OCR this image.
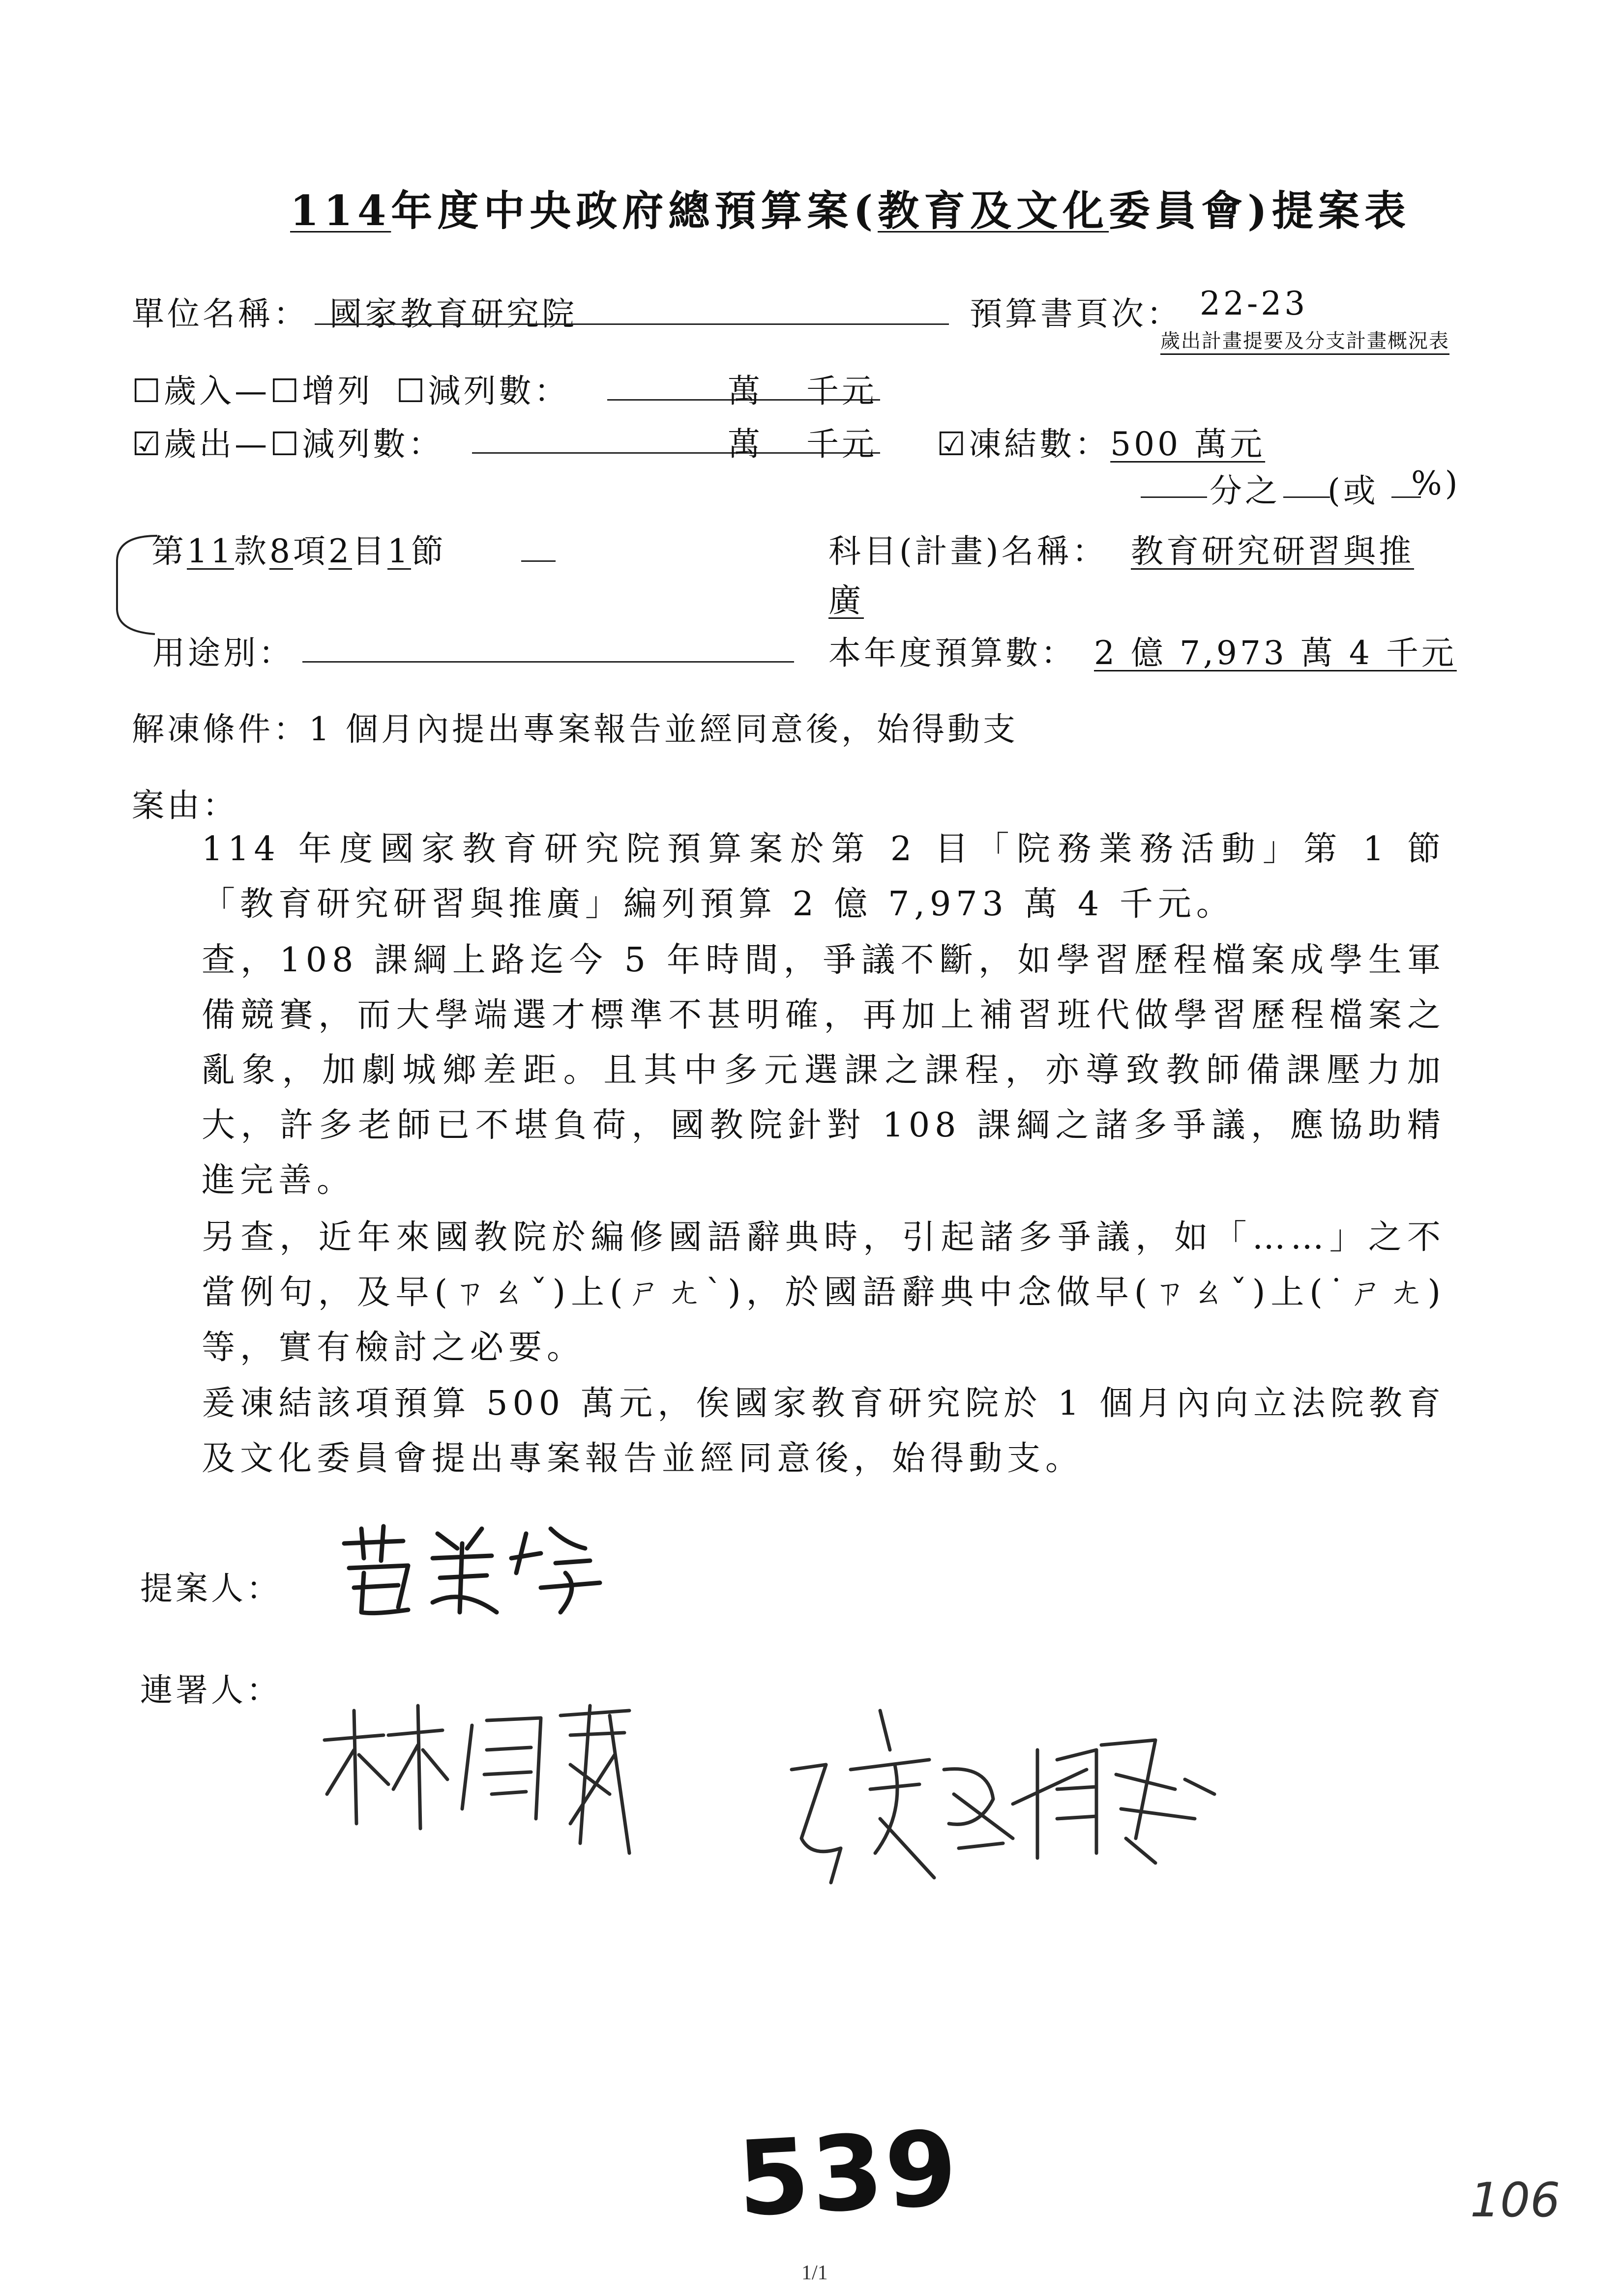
114年度中央政府總預算案(教育及文化委員會)提案表
單位名稱： 國家教育研究院	預算書頁次： 22-23
歲出計畫提要及分支計畫概況表
☐歲入—☐增列 ☐減列數：	萬 千元
☑歲出—☐減列數：	萬 千元 ☑凍結數：500 萬元
分之 (或 %)
第11款8項2目1節	科目(計畫)名稱： 教育研究研習與推
廣
用途別：	本年度預算數： 2 億 7,973 萬 4 千元
解凍條件：1 個月內提出專案報告並經同意後，始得動支
案由：
114 年度國家教育研究院預算案於第 2 目「院務業務活動」第 1 節「教育研究研習與推廣」編列預算 2 億 7,973 萬 4 千元。
查，108 課綱上路迄今 5 年時間，爭議不斷，如學習歷程檔案成學生軍備競賽，而大學端選才標準不甚明確，再加上補習班代做學習歷程檔案之亂象，加劇城鄉差距。且其中多元選課之課程，亦導致教師備課壓力加大，許多老師已不堪負荷，國教院針對 108 課綱之諸多爭議，應協助精進完善。
另查，近年來國教院於編修國語辭典時，引起諸多爭議，如「……」之不當例句，及早(ㄗㄠˇ)上(ㄕㄤˋ)，於國語辭典中念做早(ㄗㄠˇ)上(˙ㄕㄤ)等，實有檢討之必要。
爰凍結該項預算 500 萬元，俟國家教育研究院於 1 個月內向立法院教育及文化委員會提出專案報告並經同意後，始得動支。
提案人：
連署人：
539	106
1/1
